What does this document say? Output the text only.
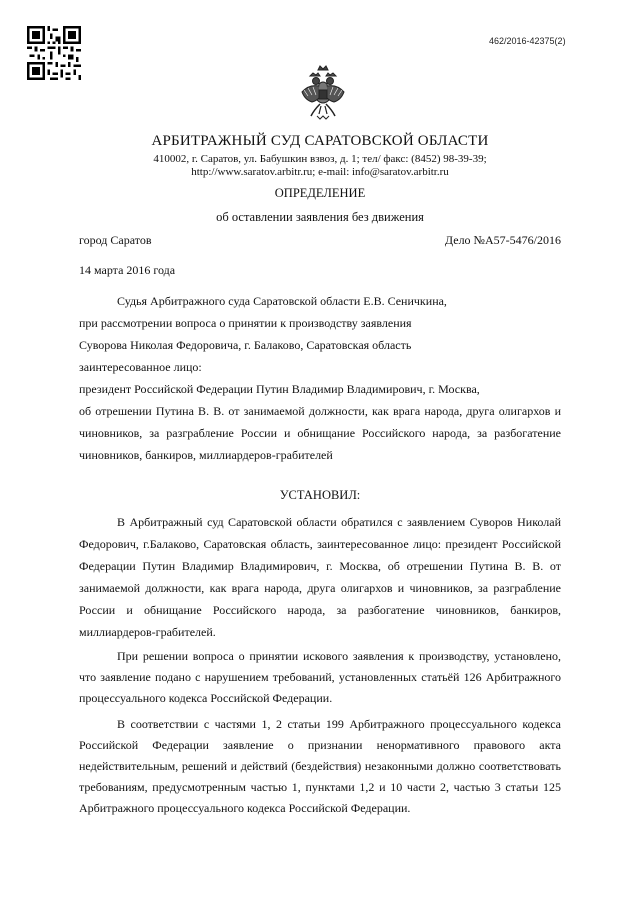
462/2016-42375(2)
АРБИТРАЖНЫЙ СУД САРАТОВСКОЙ ОБЛАСТИ
410002, г. Саратов, ул. Бабушкин взвоз, д. 1; тел/ факс: (8452) 98-39-39;
http://www.saratov.arbitr.ru; e-mail: info@saratov.arbitr.ru
ОПРЕДЕЛЕНИЕ
об оставлении заявления без движения
город Саратов	Дело №А57-5476/2016
14 марта 2016 года
Судья Арбитражного суда Саратовской области Е.В. Сеничкина,
при рассмотрении вопроса о принятии к производству заявления
Суворова Николая Федоровича, г. Балаково, Саратовская область
заинтересованное лицо:
президент Российской Федерации Путин Владимир Владимирович, г. Москва,
об отрешении Путина В. В. от занимаемой должности, как врага народа, друга олигархов и
чиновников, за разграбление России и обнищание Российского народа, за разбогатение
чиновников, банкиров, миллиардеров-грабителей
УСТАНОВИЛ:
В Арбитражный суд Саратовской области обратился с заявлением Суворов Николай
Федорович, г.Балаково, Саратовская область, заинтересованное лицо: президент Российской
Федерации Путин Владимир Владимирович, г. Москва, об отрешении Путина В. В. от
занимаемой должности, как врага народа, друга олигархов и чиновников, за разграбление
России и обнищание Российского народа, за разбогатение чиновников, банкиров,
миллиардеров-грабителей.
При решении вопроса о принятии искового заявления к производству, установлено,
что заявление подано с нарушением требований, установленных статьёй 126 Арбитражного
процессуального кодекса Российской Федерации.
В соответствии с частями 1, 2 статьи 199 Арбитражного процессуального кодекса
Российской Федерации заявление о признании ненормативного правового акта
недействительным, решений и действий (бездействия) незаконными должно соответствовать
требованиям, предусмотренным частью 1, пунктами 1,2 и 10 части 2, частью 3 статьи 125
Арбитражного процессуального кодекса Российской Федерации.
